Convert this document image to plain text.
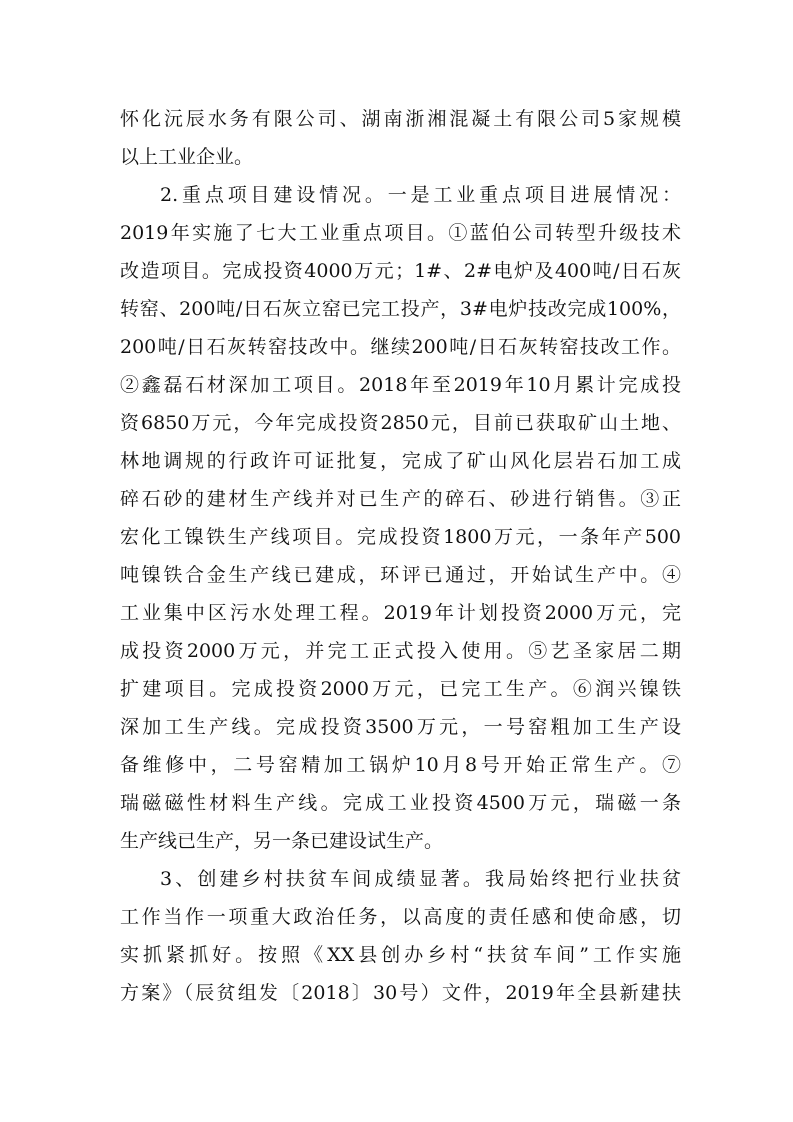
怀化沅辰水务有限公司、湖南浙湘混凝土有限公司5家规模
以上工业企业。
2.重点项目建设情况。一是工业重点项目进展情况：
2019年实施了七大工业重点项目。①蓝伯公司转型升级技术
改造项目。完成投资4000万元；1#、2#电炉及400吨/日石灰
转窑、200吨/日石灰立窑已完工投产，3#电炉技改完成100%，
200吨/日石灰转窑技改中。继续200吨/日石灰转窑技改工作。
②鑫磊石材深加工项目。2018年至2019年10月累计完成投
资6850万元，今年完成投资2850元，目前已获取矿山土地、
林地调规的行政许可证批复，完成了矿山风化层岩石加工成
碎石砂的建材生产线并对已生产的碎石、砂进行销售。③正
宏化工镍铁生产线项目。完成投资1800万元，一条年产500
吨镍铁合金生产线已建成，环评已通过，开始试生产中。④
工业集中区污水处理工程。2019年计划投资2000万元，完
成投资2000万元，并完工正式投入使用。⑤艺圣家居二期
扩建项目。完成投资2000万元，已完工生产。⑥润兴镍铁
深加工生产线。完成投资3500万元，一号窑粗加工生产设
备维修中，二号窑精加工锅炉10月8号开始正常生产。⑦
瑞磁磁性材料生产线。完成工业投资4500万元，瑞磁一条
生产线已生产，另一条已建设试生产。
3、创建乡村扶贫车间成绩显著。我局始终把行业扶贫
工作当作一项重大政治任务，以高度的责任感和使命感，切
实抓紧抓好。按照《XX县创办乡村“扶贫车间”工作实施
方案》（辰贫组发〔2018〕30号）文件，2019年全县新建扶
